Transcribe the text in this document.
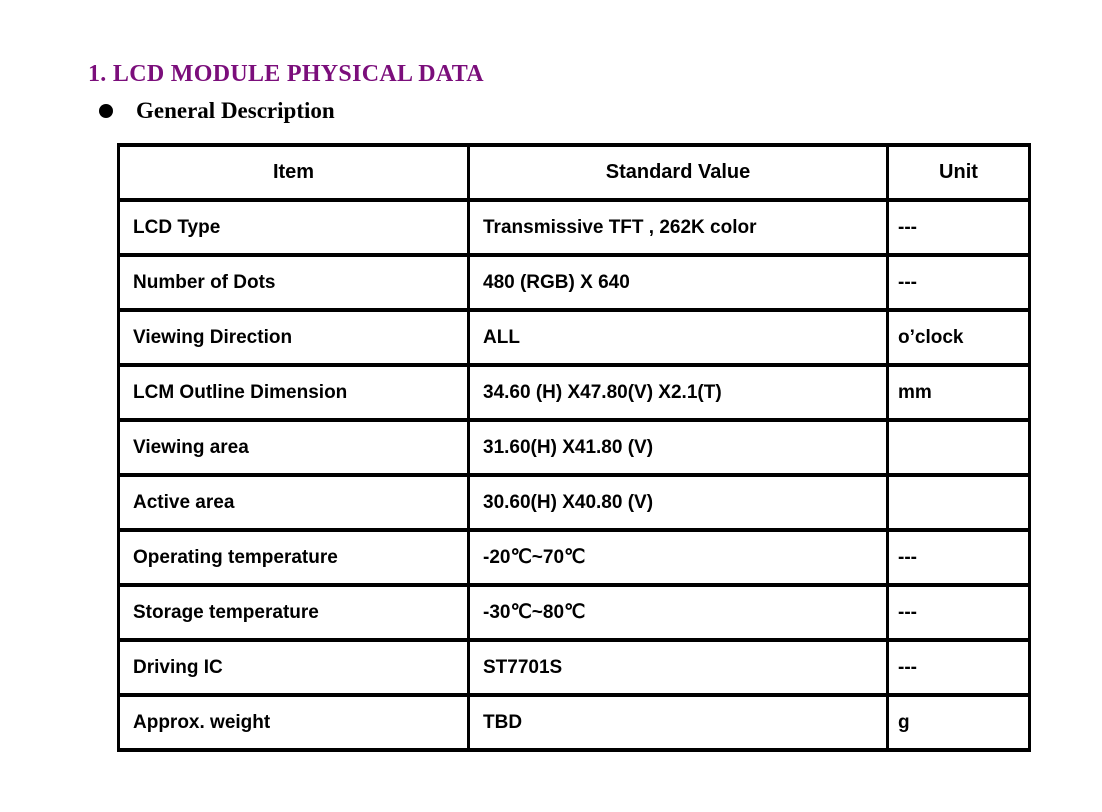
1. LCD MODULE PHYSICAL DATA
General Description
Item	Standard Value	Unit
LCD Type	Transmissive TFT , 262K color	---
Number of Dots	480 (RGB) X 640	---
Viewing Direction	ALL	o’clock
LCM Outline Dimension	34.60 (H) X47.80(V) X2.1(T)	mm
Viewing area	31.60(H) X41.80 (V)	
Active area	30.60(H) X40.80 (V)	
Operating temperature	-20℃~70℃	---
Storage temperature	-30℃~80℃	---
Driving IC	ST7701S	---
Approx. weight	TBD	g
